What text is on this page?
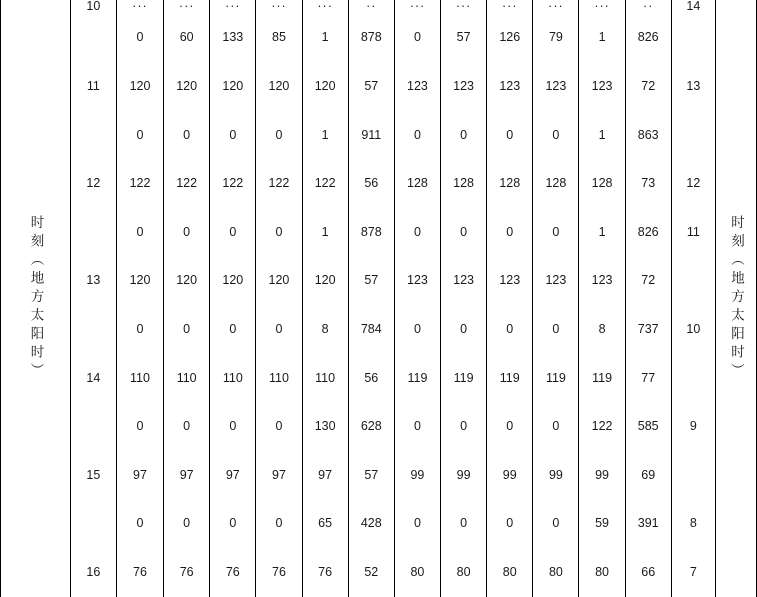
时刻（地方太阳时）	10	···	···	···	···	···	··	···	···	···	···	···	··	14	时刻（地方太阳时）

		0	60	133	85	1	878	0	57	126	79	1	826		
	11	120	120	120	120	120	57	123	123	123	123	123	72	13	
		0	0	0	0	1	911	0	0	0	0	1	863		
	12	122	122	122	122	122	56	128	128	128	128	128	73	12	
		0	0	0	0	1	878	0	0	0	0	1	826	11	
	13	120	120	120	120	120	57	123	123	123	123	123	72		
		0	0	0	0	8	784	0	0	0	0	8	737	10	
	14	110	110	110	110	110	56	119	119	119	119	119	77		
		0	0	0	0	130	628	0	0	0	0	122	585	9	
	15	97	97	97	97	97	57	99	99	99	99	99	69		
		0	0	0	0	65	428	0	0	0	0	59	391	8	
	16	76	76	76	76	76	52	80	80	80	80	80	66	7	
